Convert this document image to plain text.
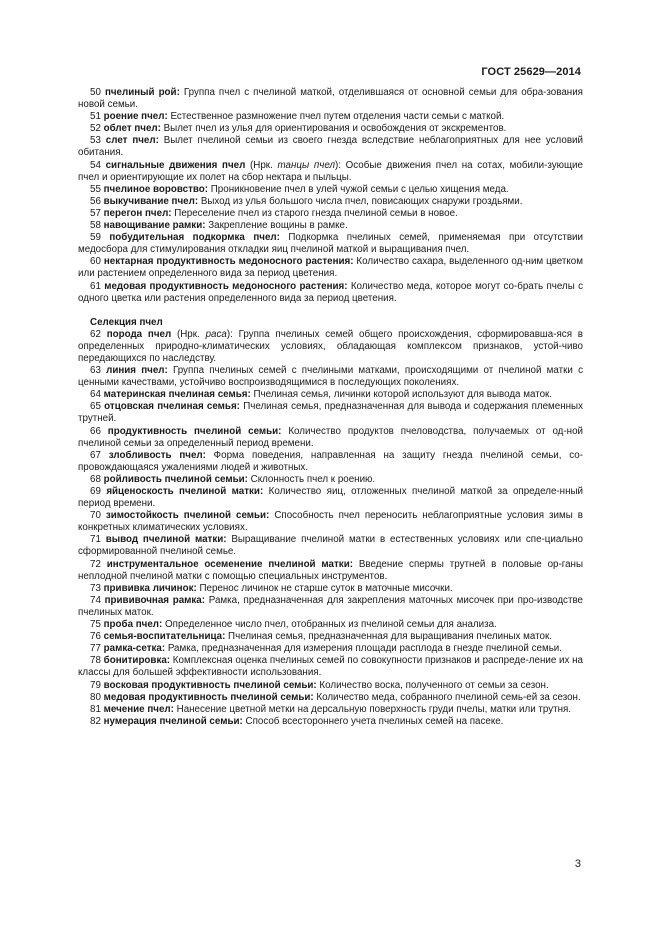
ГОСТ 25629—2014

50 пчелиный рой: Группа пчел с пчелиной маткой, отделившаяся от основной семьи для обра-зования новой семьи.

51 роение пчел: Естественное размножение пчел путем отделения части семьи с маткой.

52 облет пчел: Вылет пчел из улья для ориентирования и освобождения от экскрементов.

53 слет пчел: Вылет пчелиной семьи из своего гнезда вследствие неблагоприятных для нее условий обитания.

54 сигнальные движения пчел (Нрк. танцы пчел): Особые движения пчел на сотах, мобили-зующие пчел и ориентирующие их полет на сбор нектара и пыльцы.

55 пчелиное воровство: Проникновение пчел в улей чужой семьи с целью хищения меда.

56 выкучивание пчел: Выход из улья большого числа пчел, повисающих снаружи гроздьями.

57 перегон пчел: Переселение пчел из старого гнезда пчелиной семьи в новое.

58 навощивание рамки: Закрепление вощины в рамке.

59 побудительная подкормка пчел: Подкормка пчелиных семей, применяемая при отсутствии медосбора для стимулирования откладки яиц пчелиной маткой и выращивания пчел.

60 нектарная продуктивность медоносного растения: Количество сахара, выделенного од-ним цветком или растением определенного вида за период цветения.

61 медовая продуктивность медоносного растения: Количество меда, которое могут со-брать пчелы с одного цветка или растения определенного вида за период цветения.

Селекция пчел

62 порода пчел (Нрк. раса): Группа пчелиных семей общего происхождения, сформировавша-яся в определенных природно-климатических условиях, обладающая комплексом признаков, устой-чиво передающихся по наследству.

63 линия пчел: Группа пчелиных семей с пчелиными матками, происходящими от пчелиной матки с ценными качествами, устойчиво воспроизводящимися в последующих поколениях.

64 материнская пчелиная семья: Пчелиная семья, личинки которой используют для вывода маток.

65 отцовская пчелиная семья: Пчелиная семья, предназначенная для вывода и содержания племенных трутней.

66 продуктивность пчелиной семьи: Количество продуктов пчеловодства, получаемых от од-ной пчелиной семьи за определенный период времени.

67 злобливость пчел: Форма поведения, направленная на защиту гнезда пчелиной семьи, со-провождающаяся ужалениями людей и животных.

68 ройливость пчелиной семьи: Склонность пчел к роению.

69 яйценоскость пчелиной матки: Количество яиц, отложенных пчелиной маткой за определе-нный период времени.

70 зимостойкость пчелиной семьи: Способность пчел переносить неблагоприятные условия зимы в конкретных климатических условиях.

71 вывод пчелиной матки: Выращивание пчелиной матки в естественных условиях или спе-циально сформированной пчелиной семье.

72 инструментальное осеменение пчелиной матки: Введение спермы трутней в половые ор-ганы неплодной пчелиной матки с помощью специальных инструментов.

73 прививка личинок: Перенос личинок не старше суток в маточные мисочки.

74 прививочная рамка: Рамка, предназначенная для закрепления маточных мисочек при про-изводстве пчелиных маток.

75 проба пчел: Определенное число пчел, отобранных из пчелиной семьи для анализа.

76 семья-воспитательница: Пчелиная семья, предназначенная для выращивания пчелиных маток.

77 рамка-сетка: Рамка, предназначенная для измерения площади расплода в гнезде пчелиной семьи.

78 бонитировка: Комплексная оценка пчелиных семей по совокупности признаков и распреде-ление их на классы для большей эффективности использования.

79 восковая продуктивность пчелиной семьи: Количество воска, полученного от семьи за сезон.

80 медовая продуктивность пчелиной семьи: Количество меда, собранного пчелиной семь-ей за сезон.

81 мечение пчел: Нанесение цветной метки на дерсальную поверхность груди пчелы, матки или трутня.

82 нумерация пчелиной семьи: Способ всестороннего учета пчелиных семей на пасеке.

3
